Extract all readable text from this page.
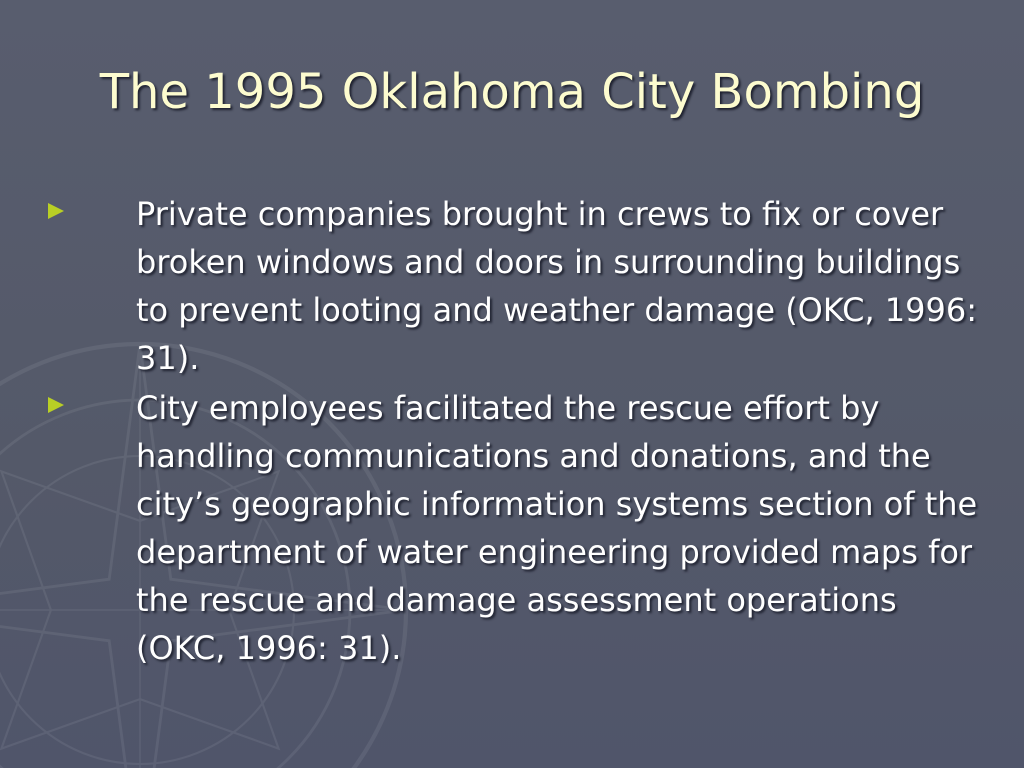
The 1995 Oklahoma City Bombing
Private companies brought in crews to fix or cover broken windows and doors in surrounding buildings to prevent looting and weather damage (OKC, 1996: 31).
City employees facilitated the rescue effort by handling communications and donations, and the city’s geographic information systems section of the department of water engineering provided maps for the rescue and damage assessment operations (OKC, 1996: 31).
